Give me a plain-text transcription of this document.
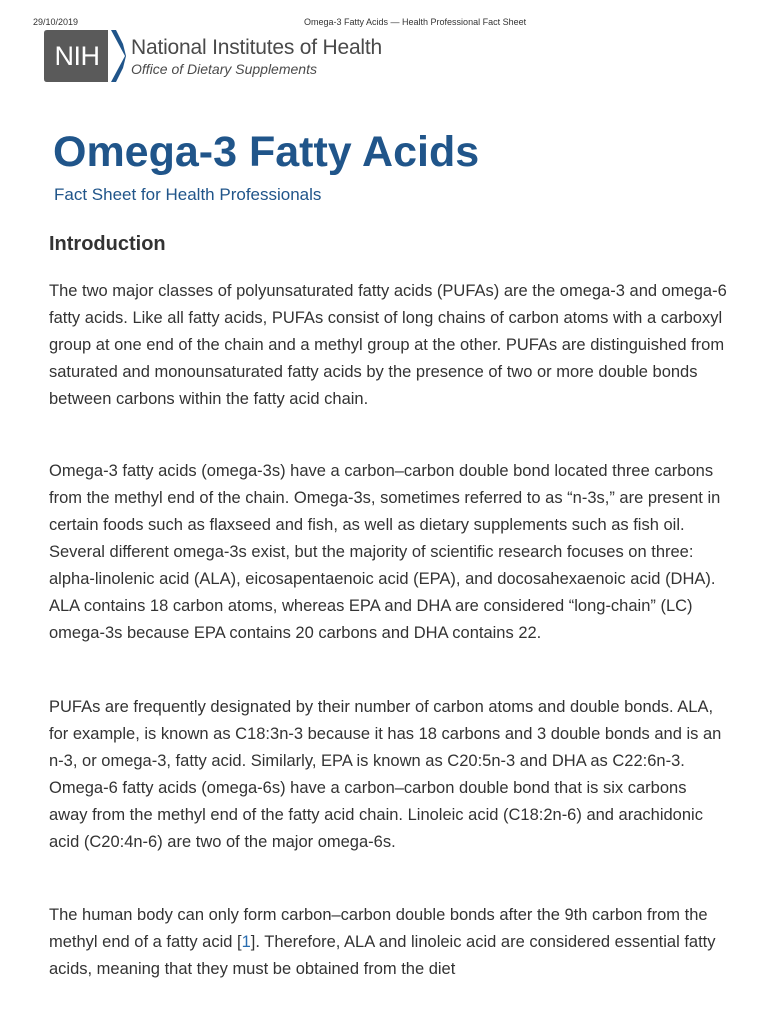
29/10/2019	Omega-3 Fatty Acids — Health Professional Fact Sheet
NIH	National Institutes of Health
Office of Dietary Supplements
Omega-3 Fatty Acids
Fact Sheet for Health Professionals
Introduction

The two major classes of polyunsaturated fatty acids (PUFAs) are the omega-3 and omega-6 fatty acids. Like all fatty acids, PUFAs consist of long chains of carbon atoms with a carboxyl group at one end of the chain and a methyl group at the other. PUFAs are distinguished from saturated and monounsaturated fatty acids by the presence of two or more double bonds between carbons within the fatty acid chain.

Omega-3 fatty acids (omega-3s) have a carbon–carbon double bond located three carbons from the methyl end of the chain. Omega-3s, sometimes referred to as “n-3s,” are present in certain foods such as flaxseed and fish, as well as dietary supplements such as fish oil. Several different omega-3s exist, but the majority of scientific research focuses on three: alpha-linolenic acid (ALA), eicosapentaenoic acid (EPA), and docosahexaenoic acid (DHA). ALA contains 18 carbon atoms, whereas EPA and DHA are considered “long-chain” (LC) omega-3s because EPA contains 20 carbons and DHA contains 22.

PUFAs are frequently designated by their number of carbon atoms and double bonds. ALA, for example, is known as C18:3n-3 because it has 18 carbons and 3 double bonds and is an n-3, or omega-3, fatty acid. Similarly, EPA is known as C20:5n-3 and DHA as C22:6n-3. Omega-6 fatty acids (omega-6s) have a carbon–carbon double bond that is six carbons away from the methyl end of the fatty acid chain. Linoleic acid (C18:2n-6) and arachidonic acid (C20:4n-6) are two of the major omega-6s.

The human body can only form carbon–carbon double bonds after the 9th carbon from the methyl end of a fatty acid [1]. Therefore, ALA and linoleic acid are considered essential fatty acids, meaning that they must be obtained from the diet
